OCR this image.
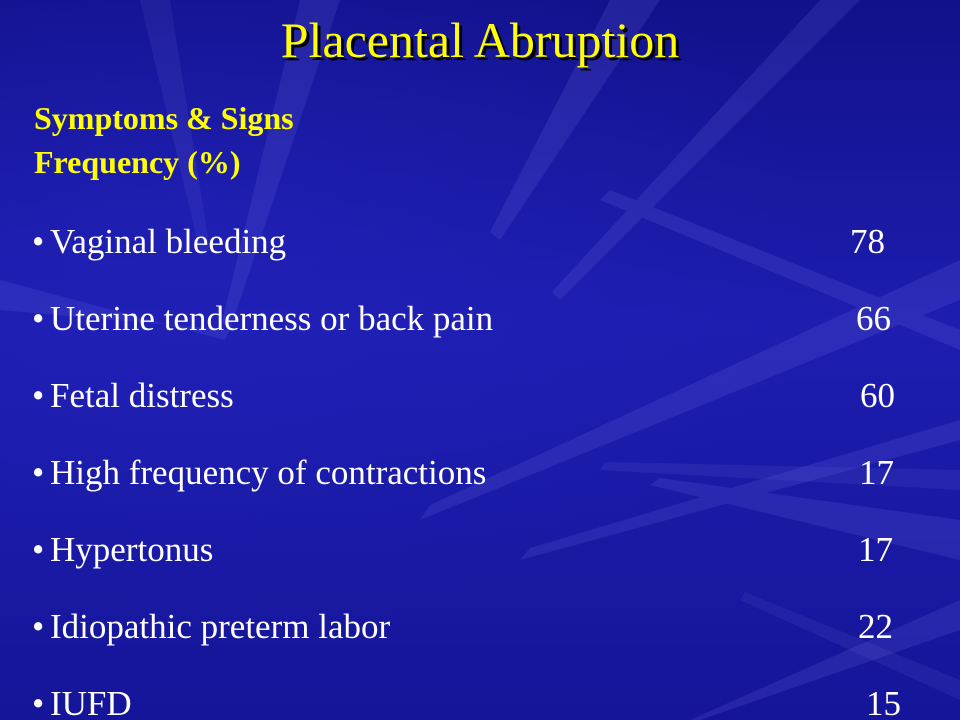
Placental Abruption
Symptoms & Signs
Frequency (%)
• Vaginal bleeding	78
• Uterine tenderness or back pain	66
• Fetal distress	60
• High frequency of contractions	17
• Hypertonus	17
• Idiopathic preterm labor	22
• IUFD	15
